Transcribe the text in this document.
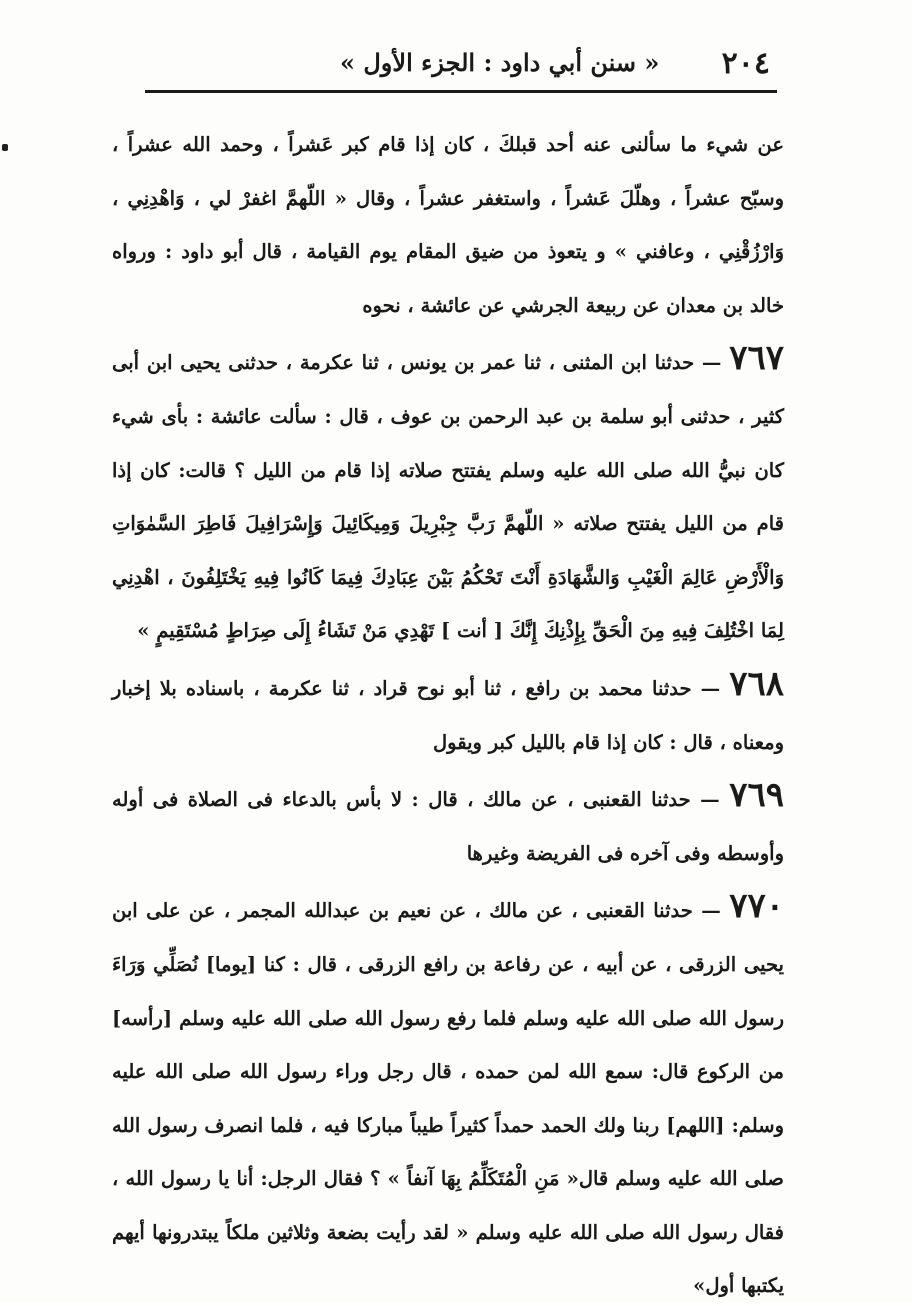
٢٠٤
« سنن أبي داود : الجزء الأول »

عن شيء ما سألنى عنه أحد قبلكَ ، كان إذا قام كبر عَشراً ، وحمد الله عشراً ، وسبّح عشراً ، وهلّلَ عَشراً ، واستغفر عشراً ، وقال « اللّهمَّ اغفرْ لي ، وَاهْدِنِي ، وَارْزُقْنِي ، وعافني » و يتعوذ من ضيق المقام يوم القيامة ، قال أبو داود : ورواه خالد بن معدان عن ربيعة الجرشي عن عائشة ، نحوه

٧٦٧ — حدثنا ابن المثنى ، ثنا عمر بن يونس ، ثنا عكرمة ، حدثنى يحيى ابن أبى كثير ، حدثنى أبو سلمة بن عبد الرحمن بن عوف ، قال : سألت عائشة : بأى شيء كان نبيُّ الله صلى الله عليه وسلم يفتتح صلاته إذا قام من الليل ؟ قالت: كان إذا قام من الليل يفتتح صلاته « اللّهمَّ رَبَّ جِبْرِيلَ وَمِيكَائِيلَ وَإِسْرَافِيلَ فَاطِرَ السَّمٰوَاتِ وَالْأَرْضِ عَالِمَ الْغَيْبِ وَالشَّهَادَةِ أَنْتَ تَحْكُمُ بَيْنَ عِبَادِكَ فِيمَا كَانُوا فِيهِ يَخْتَلِفُونَ ، اهْدِنِي لِمَا اخْتُلِفَ فِيهِ مِنَ الْحَقِّ بِإِذْنِكَ إِنَّكَ [ أنت ] تَهْدِي مَنْ تَشَاءُ إِلَى صِرَاطٍ مُسْتَقِيمٍ »

٧٦٨ — حدثنا محمد بن رافع ، ثنا أبو نوح قراد ، ثنا عكرمة ، باسناده بلا إخبار ومعناه ، قال : كان إذا قام بالليل كبر ويقول

٧٦٩ — حدثنا القعنبى ، عن مالك ، قال : لا بأس بالدعاء فى الصلاة فى أوله وأوسطه وفى آخره فى الفريضة وغيرها

٧٧٠ — حدثنا القعنبى ، عن مالك ، عن نعيم بن عبدالله المجمر ، عن على ابن يحيى الزرقى ، عن أبيه ، عن رفاعة بن رافع الزرقى ، قال : كنا [يوما] نُصَلِّي وَرَاءَ رسول الله صلى الله عليه وسلم فلما رفع رسول الله صلى الله عليه وسلم [رأسه] من الركوع قال: سمع الله لمن حمده ، قال رجل وراء رسول الله صلى الله عليه وسلم: [اللهم] ربنا ولك الحمد حمداً كثيراً طيباً مباركا فيه ، فلما انصرف رسول الله صلى الله عليه وسلم قال« مَنِ الْمُتَكَلِّمُ بِهَا آنفاً » ؟ فقال الرجل: أنا يا رسول الله ، فقال رسول الله صلى الله عليه وسلم « لقد رأيت بضعة وثلاثين ملكاً يبتدرونها أيهم يكتبها أول»
